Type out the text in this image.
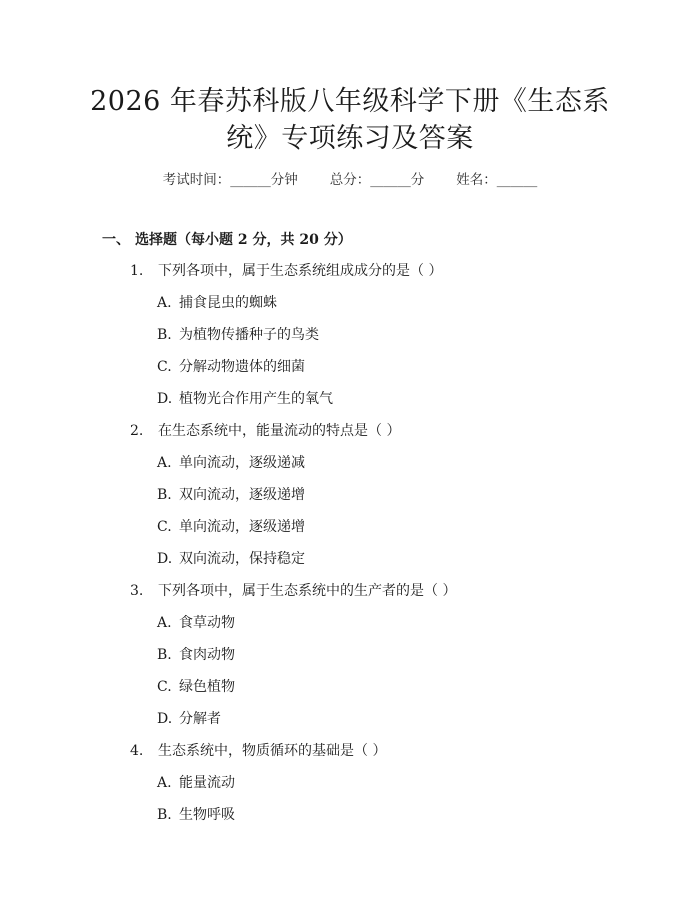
2026 年春苏科版八年级科学下册《生态系
统》专项练习及答案
考试时间：______分钟 总分：______分 姓名：______
一、 选择题（每小题 2 分，共 20 分）
1. 下列各项中，属于生态系统组成成分的是（ ）
A. 捕食昆虫的蜘蛛
B. 为植物传播种子的鸟类
C. 分解动物遗体的细菌
D. 植物光合作用产生的氧气
2. 在生态系统中，能量流动的特点是（ ）
A. 单向流动，逐级递减
B. 双向流动，逐级递增
C. 单向流动，逐级递增
D. 双向流动，保持稳定
3. 下列各项中，属于生态系统中的生产者的是（ ）
A. 食草动物
B. 食肉动物
C. 绿色植物
D. 分解者
4. 生态系统中，物质循环的基础是（ ）
A. 能量流动
B. 生物呼吸
